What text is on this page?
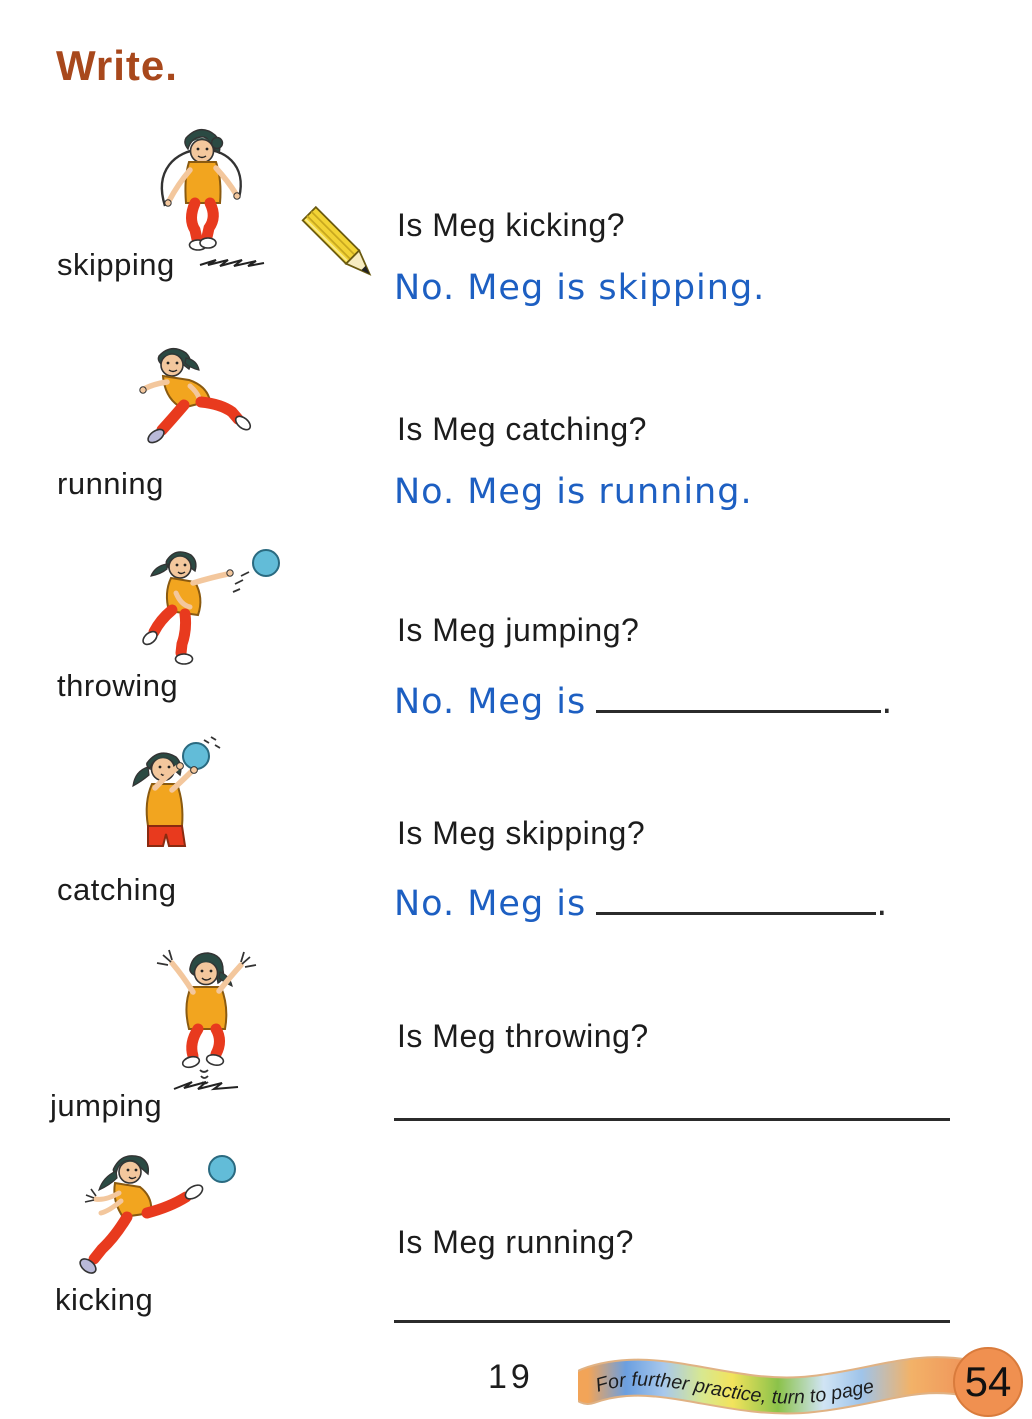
Write.
skipping
Is Meg kicking?
No. Meg is skipping.
running
Is Meg catching?
No. Meg is running.
throwing
Is Meg jumping?
No. Meg is	.
catching
Is Meg skipping?
No. Meg is	.
jumping
Is Meg throwing?
kicking
Is Meg running?
19	For further practice, turn to page 54
